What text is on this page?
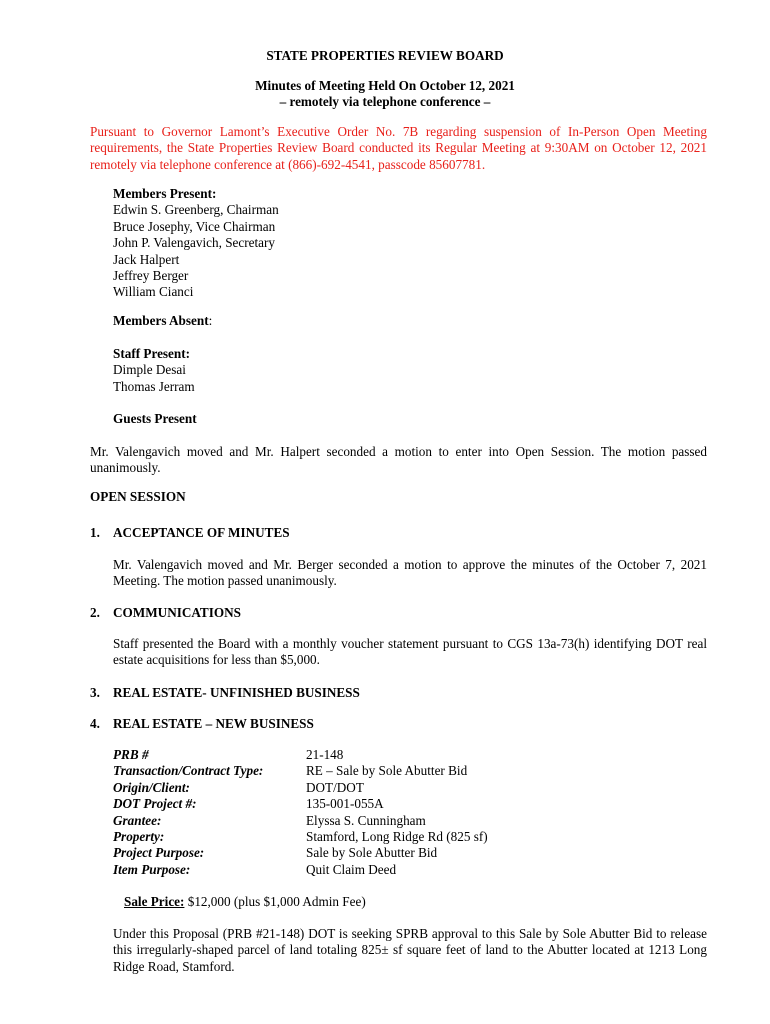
STATE PROPERTIES REVIEW BOARD
Minutes of Meeting Held On October 12, 2021
– remotely via telephone conference –
Pursuant to Governor Lamont’s Executive Order No. 7B regarding suspension of In-Person Open Meeting requirements, the State Properties Review Board conducted its Regular Meeting at 9:30AM on October 12, 2021 remotely via telephone conference at (866)-692-4541, passcode 85607781.
Members Present:
Edwin S. Greenberg, Chairman
Bruce Josephy, Vice Chairman
John P. Valengavich, Secretary
Jack Halpert
Jeffrey Berger
William Cianci
Members Absent:
Staff Present:
Dimple Desai
Thomas Jerram
Guests Present
Mr. Valengavich moved and Mr. Halpert seconded a motion to enter into Open Session. The motion passed unanimously.
OPEN SESSION
1. ACCEPTANCE OF MINUTES
Mr. Valengavich moved and Mr. Berger seconded a motion to approve the minutes of the October 7, 2021 Meeting. The motion passed unanimously.
2. COMMUNICATIONS
Staff presented the Board with a monthly voucher statement pursuant to CGS 13a-73(h) identifying DOT real estate acquisitions for less than $5,000.
3. REAL ESTATE- UNFINISHED BUSINESS
4. REAL ESTATE – NEW BUSINESS
PRB #
Transaction/Contract Type:
Origin/Client:
DOT Project #:
Grantee:
Property:
Project Purpose:
Item Purpose:
21-148
RE – Sale by Sole Abutter Bid
DOT/DOT
135-001-055A
Elyssa S. Cunningham
Stamford, Long Ridge Rd (825 sf)
Sale by Sole Abutter Bid
Quit Claim Deed
Sale Price: $12,000 (plus $1,000 Admin Fee)
Under this Proposal (PRB #21-148) DOT is seeking SPRB approval to this Sale by Sole Abutter Bid to release this irregularly-shaped parcel of land totaling 825± sf square feet of land to the Abutter located at 1213 Long Ridge Road, Stamford.
